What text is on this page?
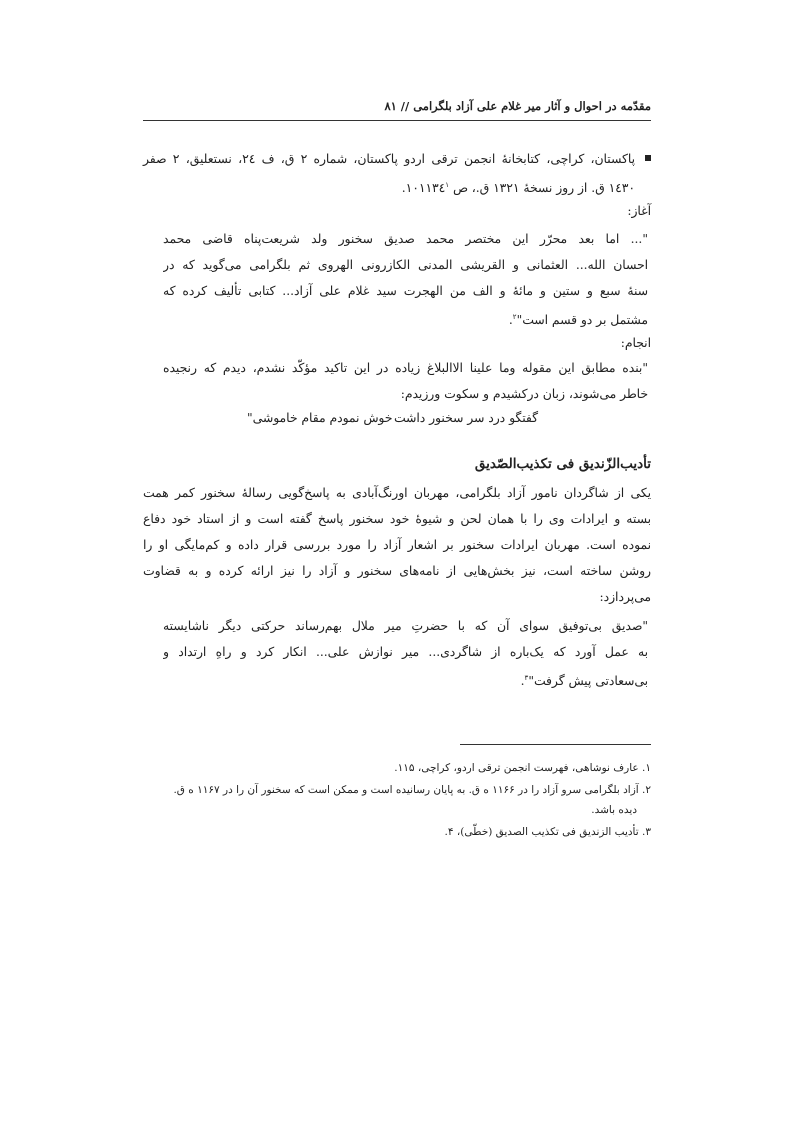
مقدّمه در احوال و آثار میر غلام علی آزاد بلگرامی // ۸۱
پاکستان، کراچی، کتابخانهٔ انجمن ترقی اردو پاکستان، شماره ۲ ق، ف ۲٤، نستعلیق، ۲ صفر
۱٤۳۰ ق. از روز نسخهٔ ۱۳۲۱ ق.، ص ۱۰۱۱۳٤$^۱$.
آغاز:
"... اما بعد محرّر این مختصر محمد صدیق سخنور ولد شریعت‌پناه قاضی محمد
احسان الله... العثمانی و القریشی المدنی الکازرونی الهروی ثم بلگرامی می‌گوید که در
سنهٔ سبع و ستین و مائهٔ و الف من الهجرت سید غلام علی آزاد... کتابی تألیف کرده که
مشتمل بر دو قسم است"$^۲$.
انجام:
"بنده مطابق این مقوله وما علینا الاالبلاغ زیاده در این تاکید مؤکّد نشدم، دیدم که رنجیده
خاطر می‌شوند، زبان درکشیدم و سکوت ورزیدم:
گفتگو درد سر سخنور داشت
خوش نمودم مقام خاموشی"
تأدیب‌الزّندیق فی تکذیب‌الصّدیق
یکی از شاگردان نامور آزاد بلگرامی، مهربان اورنگ‌آبادی به پاسخ‌گویی رسالهٔ سخنور کمر همت
بسته و ایرادات وی را با همان لحن و شیوهٔ خود سخنور پاسخ گفته است و از استاد خود دفاع
نموده است. مهربان ایرادات سخنور بر اشعار آزاد را مورد بررسی قرار داده و کم‌مایگی او را
روشن ساخته است، نیز بخش‌هایی از نامه‌های سخنور و آزاد را نیز ارائه کرده و به قضاوت
می‌پردازد:
"صدیق بی‌توفیق سوای آن که با حضرتِ میر ملال بهم‌رساند حرکتی دیگر ناشایسته
به عمل آورد که یک‌باره از شاگردی... میر نوازش علی... انکار کرد و راهِ ارتداد و
بی‌سعادتی پیش گرفت"$^۳$.
۱. عارف نوشاهی، فهرست انجمن ترقی اردو، کراچی، ۱۱۵.
۲. آزاد بلگرامی سرو آزاد را در ۱۱۶۶ ه ق. به پایان رسانیده است و ممکن است که سخنور آن را در ۱۱۶۷ ه ق.
دیده باشد.
۳. تأدیب الزندیق فی تکذیب الصدیق (خطّی)، ۴.
